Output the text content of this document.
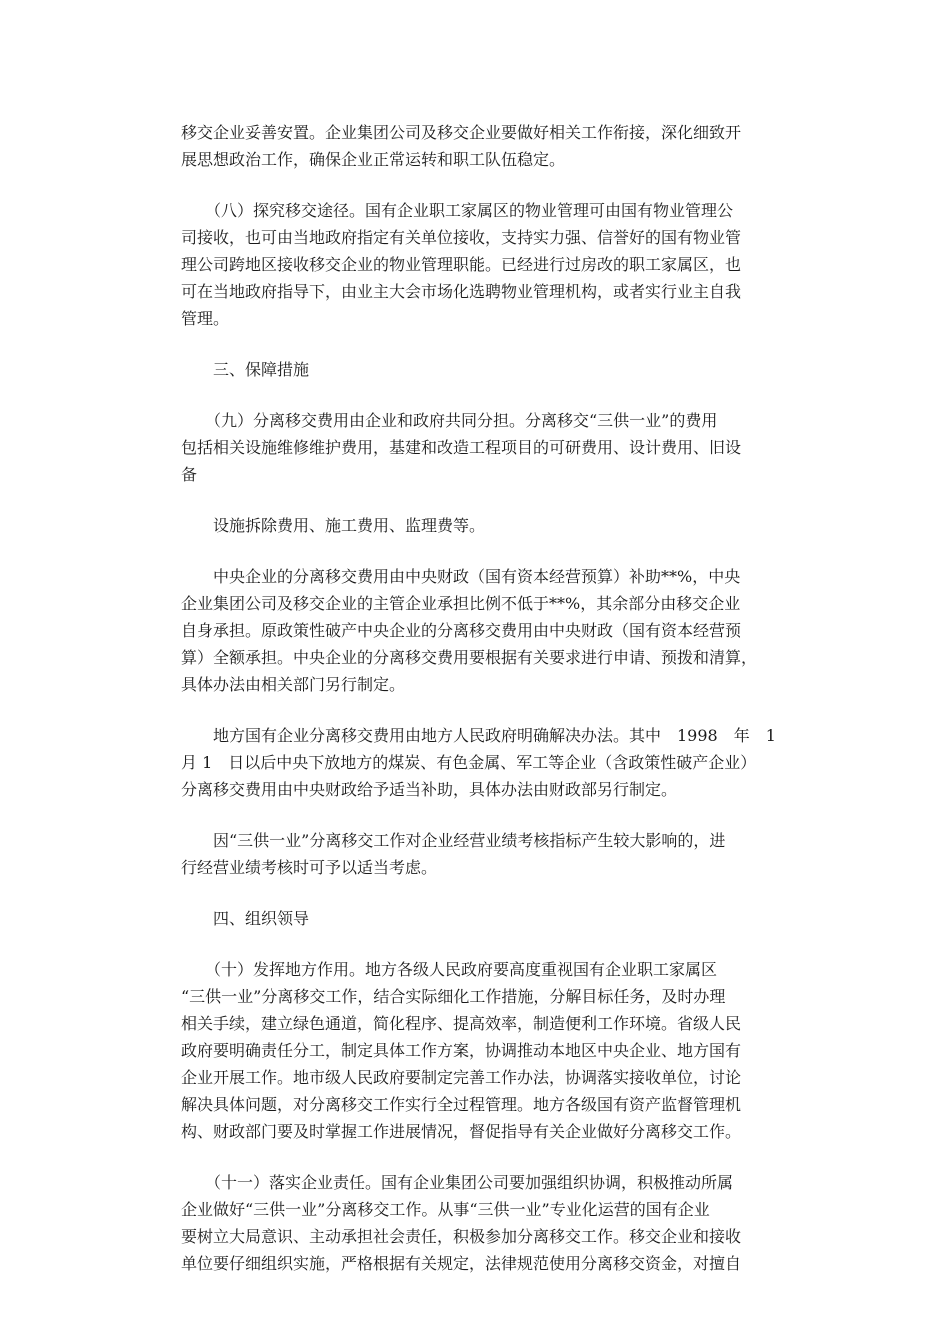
移交企业妥善安置。企业集团公司及移交企业要做好相关工作衔接，深化细致开
展思想政治工作，确保企业正常运转和职工队伍稳定。
　　（八）探究移交途径。国有企业职工家属区的物业管理可由国有物业管理公
司接收，也可由当地政府指定有关单位接收，支持实力强、信誉好的国有物业管
理公司跨地区接收移交企业的物业管理职能。已经进行过房改的职工家属区，也
可在当地政府指导下，由业主大会市场化选聘物业管理机构，或者实行业主自我
管理。
　　三、保障措施
　　（九）分离移交费用由企业和政府共同分担。分离移交“三供一业”的费用
包括相关设施维修维护费用，基建和改造工程项目的可研费用、设计费用、旧设
备
　　设施拆除费用、施工费用、监理费等。
　　中央企业的分离移交费用由中央财政（国有资本经营预算）补助**%，中央
企业集团公司及移交企业的主管企业承担比例不低于**%，其余部分由移交企业
自身承担。原政策性破产中央企业的分离移交费用由中央财政（国有资本经营预
算）全额承担。中央企业的分离移交费用要根据有关要求进行申请、预拨和清算，
具体办法由相关部门另行制定。
　　地方国有企业分离移交费用由地方人民政府明确解决办法。其中　1998　年　1
月 1　日以后中央下放地方的煤炭、有色金属、军工等企业（含政策性破产企业）
分离移交费用由中央财政给予适当补助，具体办法由财政部另行制定。
　　因“三供一业”分离移交工作对企业经营业绩考核指标产生较大影响的，进
行经营业绩考核时可予以适当考虑。
　　四、组织领导
　　（十）发挥地方作用。地方各级人民政府要高度重视国有企业职工家属区
“三供一业”分离移交工作，结合实际细化工作措施，分解目标任务，及时办理
相关手续，建立绿色通道，简化程序、提高效率，制造便利工作环境。省级人民
政府要明确责任分工，制定具体工作方案，协调推动本地区中央企业、地方国有
企业开展工作。地市级人民政府要制定完善工作办法，协调落实接收单位，讨论
解决具体问题，对分离移交工作实行全过程管理。地方各级国有资产监督管理机
构、财政部门要及时掌握工作进展情况，督促指导有关企业做好分离移交工作。
　　（十一）落实企业责任。国有企业集团公司要加强组织协调，积极推动所属
企业做好“三供一业”分离移交工作。从事“三供一业”专业化运营的国有企业
要树立大局意识、主动承担社会责任，积极参加分离移交工作。移交企业和接收
单位要仔细组织实施，严格根据有关规定，法律规范使用分离移交资金，对擅自
